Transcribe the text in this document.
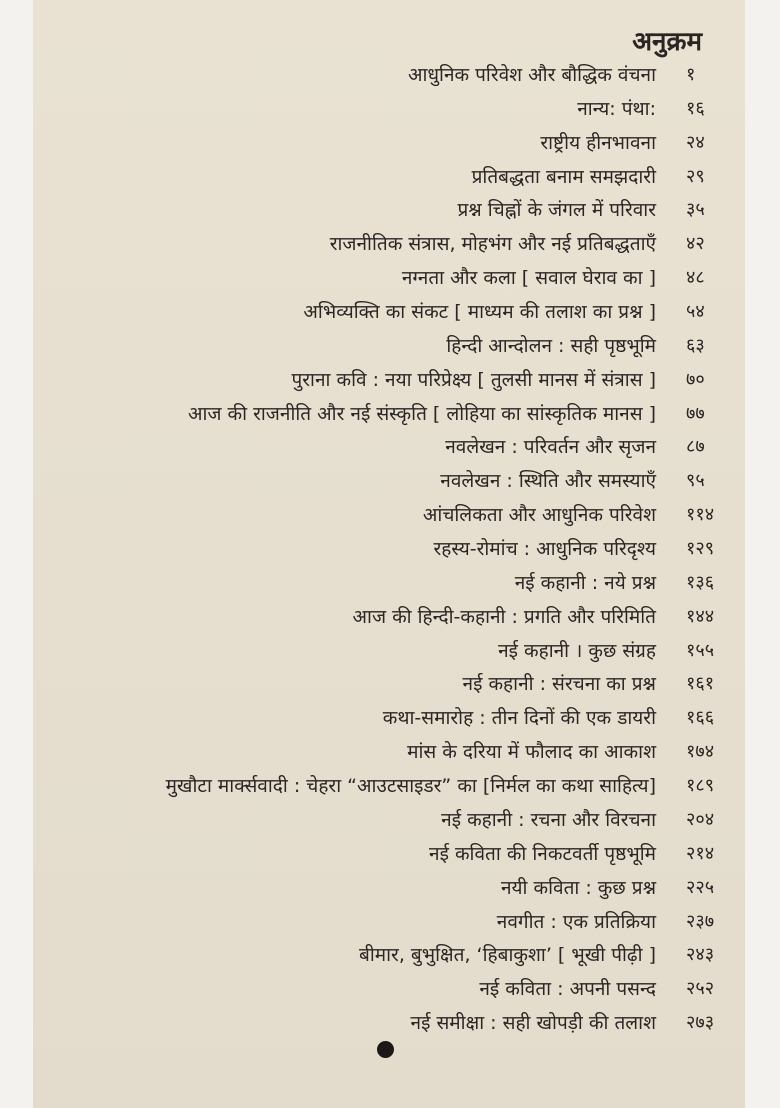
अनुक्रम
आधुनिक परिवेश और बौद्धिक वंचना १
नान्य: पंथा: १६
राष्ट्रीय हीनभावना २४
प्रतिबद्धता बनाम समझदारी २९
प्रश्न चिह्नों के जंगल में परिवार ३५
राजनीतिक संत्रास, मोहभंग और नई प्रतिबद्धताएँ ४२
नग्नता और कला [ सवाल घेराव का ] ४८
अभिव्यक्ति का संकट [ माध्यम की तलाश का प्रश्न ] ५४
हिन्दी आन्दोलन : सही पृष्ठभूमि ६३
पुराना कवि : नया परिप्रेक्ष्य [ तुलसी मानस में संत्रास ] ७०
आज की राजनीति और नई संस्कृति [ लोहिया का सांस्कृतिक मानस ] ७७
नवलेखन : परिवर्तन और सृजन ८७
नवलेखन : स्थिति और समस्याएँ ९५
आंचलिकता और आधुनिक परिवेश ११४
रहस्य-रोमांच : आधुनिक परिदृश्य १२९
नई कहानी : नये प्रश्न १३६
आज की हिन्दी-कहानी : प्रगति और परिमिति १४४
नई कहानी । कुछ संग्रह १५५
नई कहानी : संरचना का प्रश्न १६१
कथा-समारोह : तीन दिनों की एक डायरी १६६
मांस के दरिया में फौलाद का आकाश १७४
मुखौटा मार्क्सवादी : चेहरा “आउटसाइडर” का [निर्मल का कथा साहित्य] १८९
नई कहानी : रचना और विरचना २०४
नई कविता की निकटवर्ती पृष्ठभूमि २१४
नयी कविता : कुछ प्रश्न २२५
नवगीत : एक प्रतिक्रिया २३७
बीमार, बुभुक्षित, ‘हिबाकुशा’ [ भूखी पीढ़ी ] २४३
नई कविता : अपनी पसन्द २५२
नई समीक्षा : सही खोपड़ी की तलाश २७३
